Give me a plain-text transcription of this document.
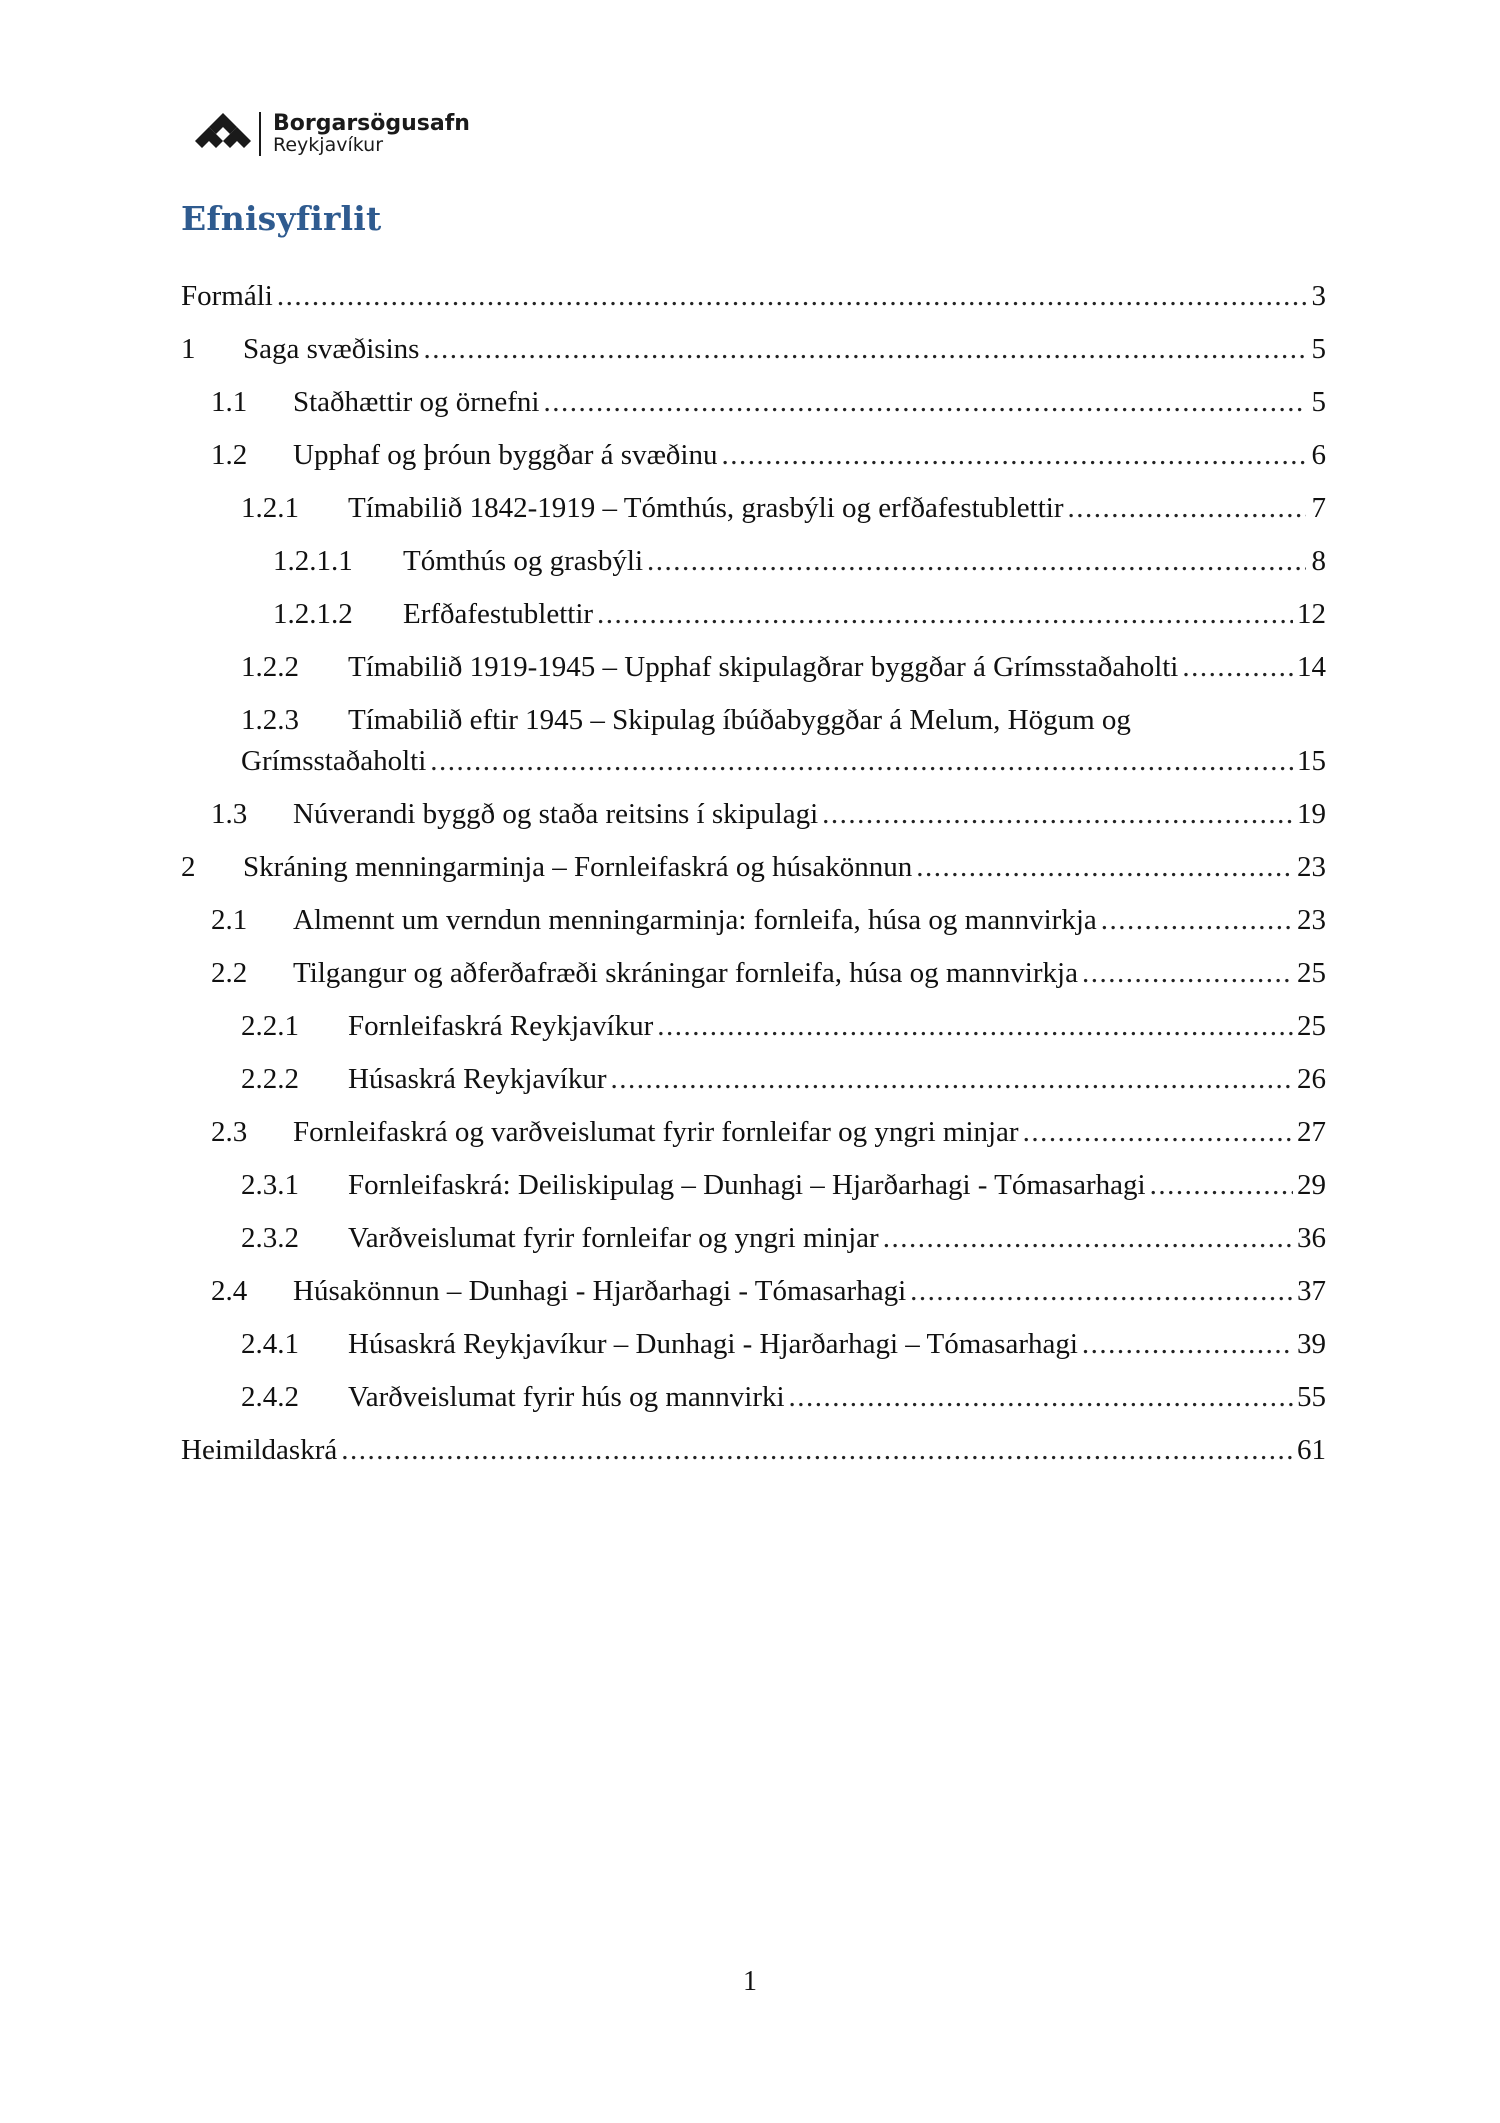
Borgarsögusafn
Reykjavíkur
Efnisyfirlit
Formáli .....	3
1	Saga svæðisins .....	5
1.1	Staðhættir og örnefni .....	5
1.2	Upphaf og þróun byggðar á svæðinu .....	6
1.2.1	Tímabilið 1842-1919 – Tómthús, grasbýli og erfðafestublettir .....	7
1.2.1.1	Tómthús og grasbýli .....	8
1.2.1.2	Erfðafestublettir .....	12
1.2.2	Tímabilið 1919-1945 – Upphaf skipulagðrar byggðar á Grímsstaðaholti .....	14
1.2.3	Tímabilið eftir 1945 – Skipulag íbúðabyggðar á Melum, Högum og
Grímsstaðaholti .....	15
1.3	Núverandi byggð og staða reitsins í skipulagi .....	19
2	Skráning menningarminja – Fornleifaskrá og húsakönnun .....	23
2.1	Almennt um verndun menningarminja: fornleifa, húsa og mannvirkja .....	23
2.2	Tilgangur og aðferðafræði skráningar fornleifa, húsa og mannvirkja .....	25
2.2.1	Fornleifaskrá Reykjavíkur .....	25
2.2.2	Húsaskrá Reykjavíkur .....	26
2.3	Fornleifaskrá og varðveislumat fyrir fornleifar og yngri minjar .....	27
2.3.1	Fornleifaskrá: Deiliskipulag – Dunhagi – Hjarðarhagi - Tómasarhagi .....	29
2.3.2	Varðveislumat fyrir fornleifar og yngri minjar .....	36
2.4	Húsakönnun – Dunhagi - Hjarðarhagi - Tómasarhagi .....	37
2.4.1	Húsaskrá Reykjavíkur – Dunhagi - Hjarðarhagi – Tómasarhagi .....	39
2.4.2	Varðveislumat fyrir hús og mannvirki .....	55
Heimildaskrá .....	61

1
